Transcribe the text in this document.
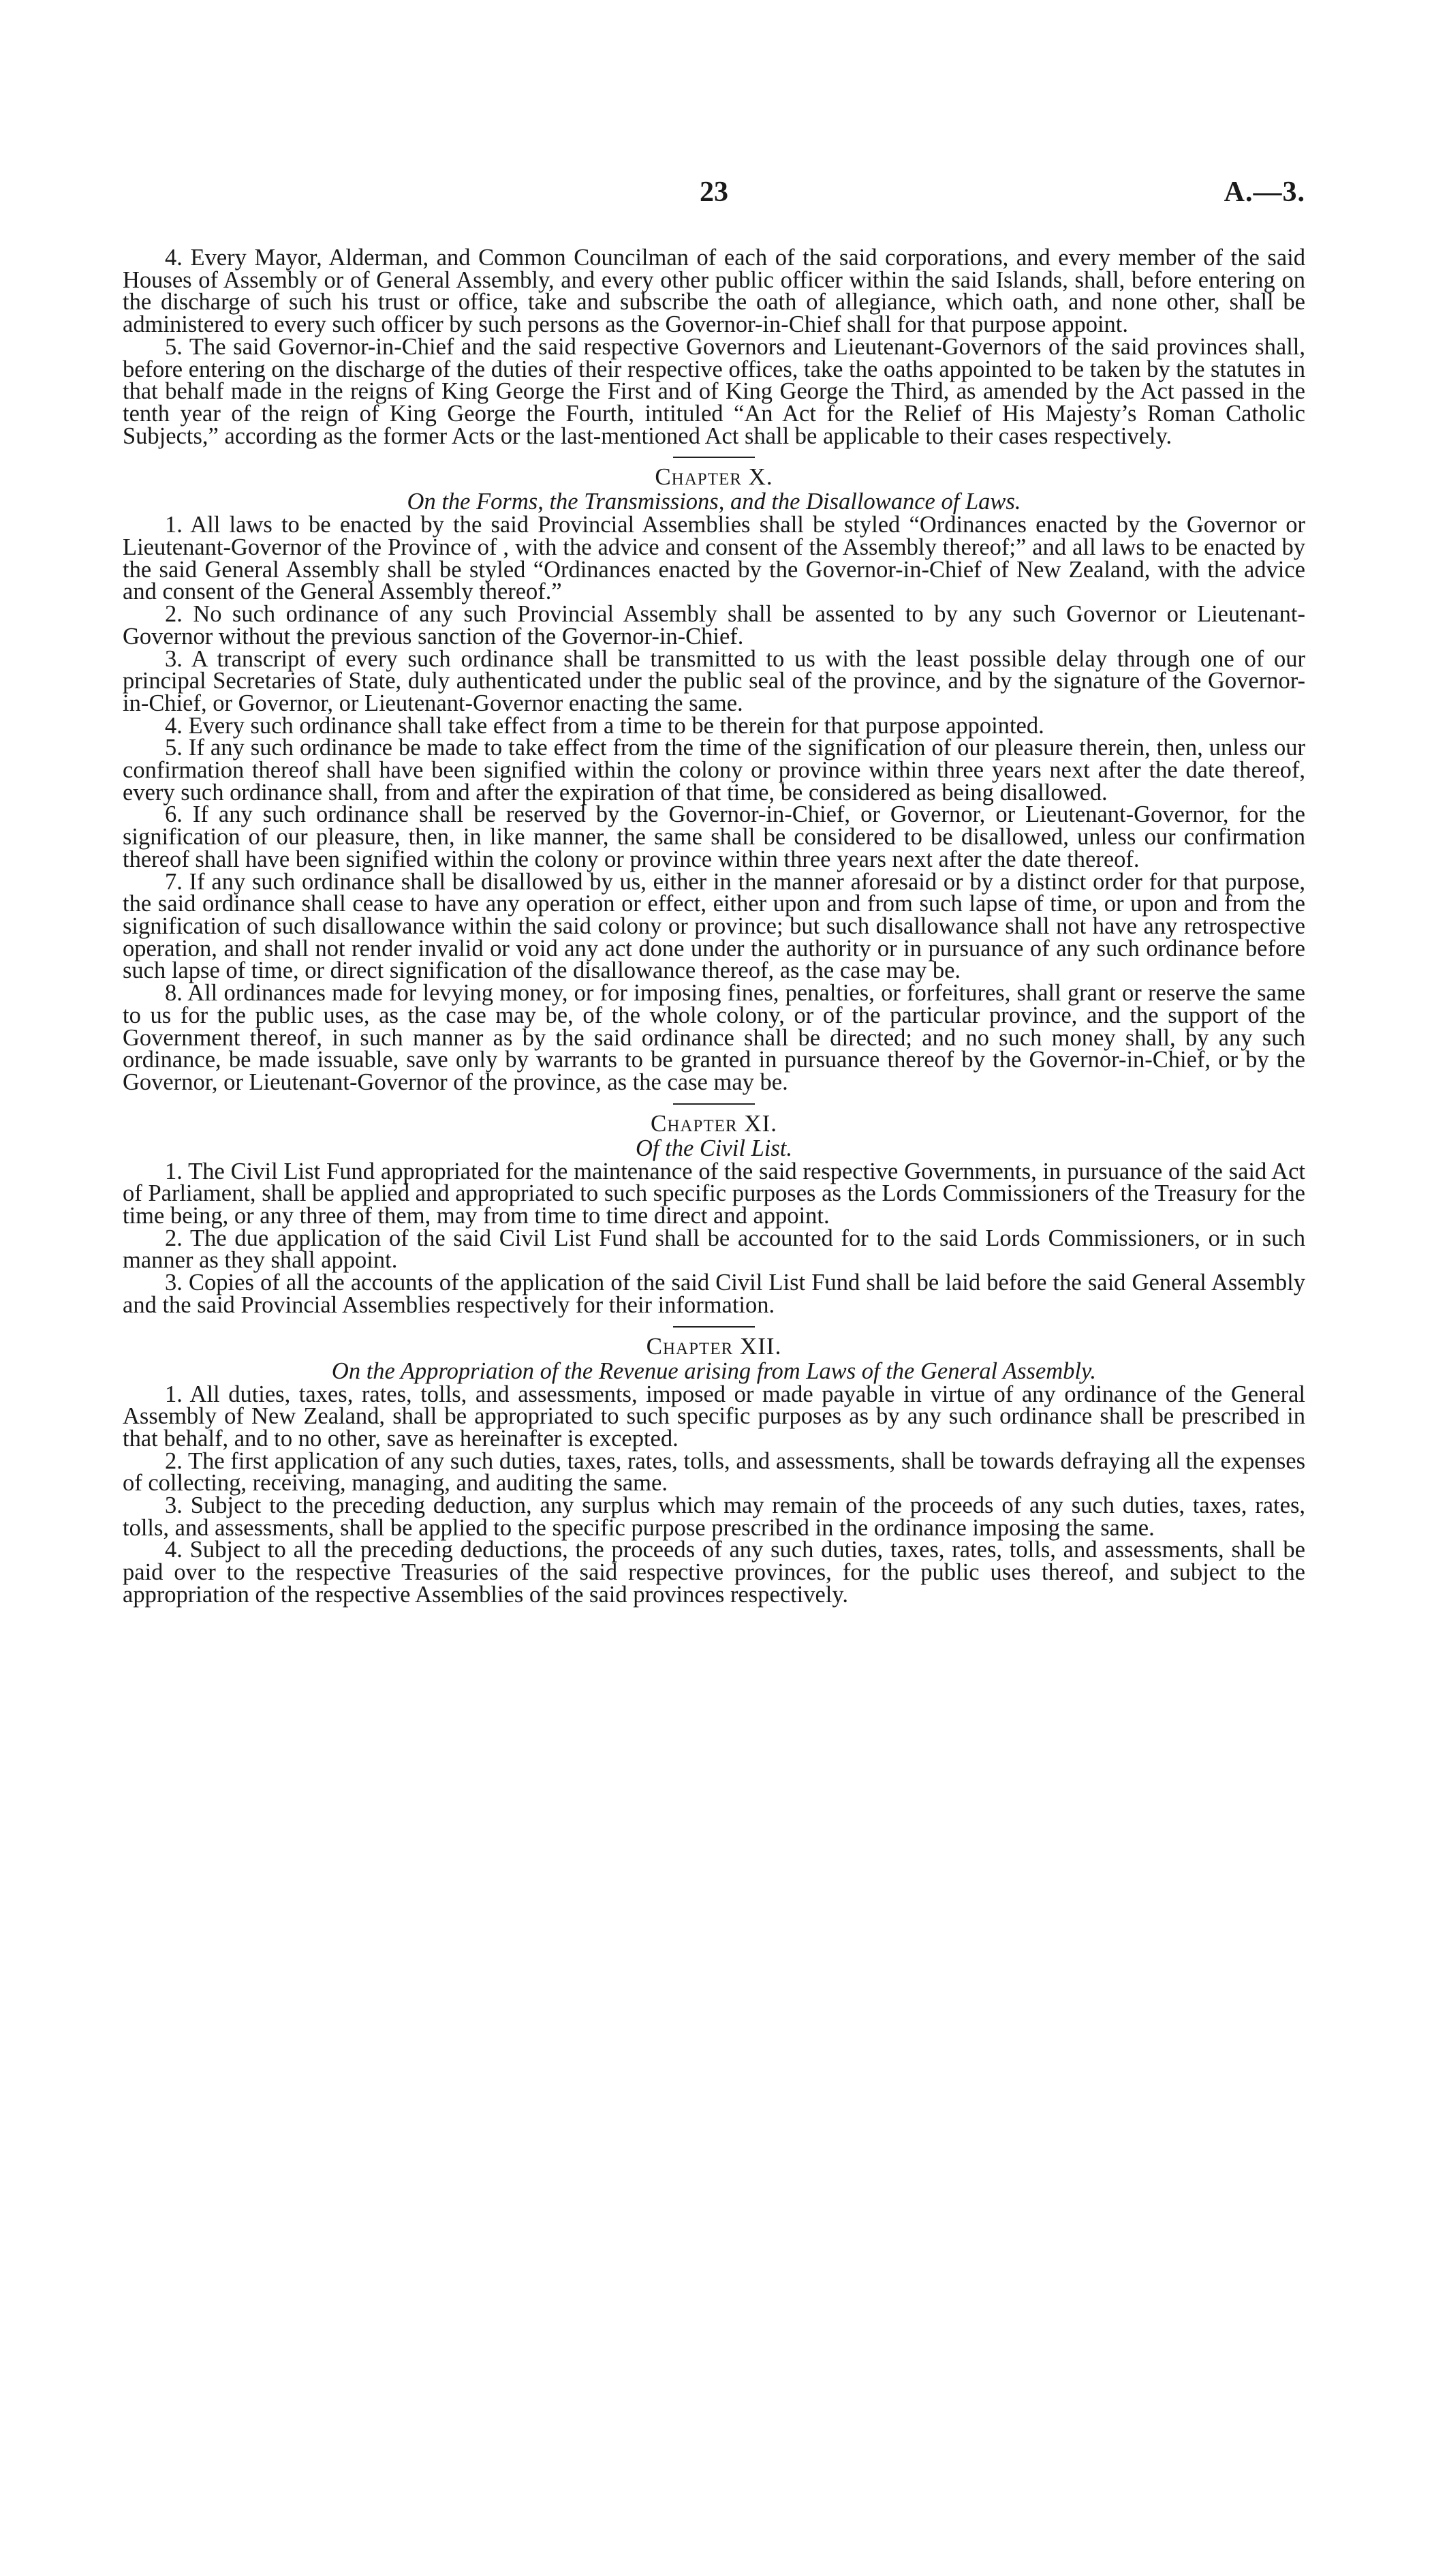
23	A.—3.

4. Every Mayor, Alderman, and Common Councilman of each of the said corporations, and every member of the said Houses of Assembly or of General Assembly, and every other public officer within the said Islands, shall, before entering on the discharge of such his trust or office, take and subscribe the oath of allegiance, which oath, and none other, shall be administered to every such officer by such persons as the Governor-in-Chief shall for that purpose appoint.

5. The said Governor-in-Chief and the said respective Governors and Lieutenant-Governors of the said provinces shall, before entering on the discharge of the duties of their respective offices, take the oaths appointed to be taken by the statutes in that behalf made in the reigns of King George the First and of King George the Third, as amended by the Act passed in the tenth year of the reign of King George the Fourth, intituled “An Act for the Relief of His Majesty’s Roman Catholic Subjects,” according as the former Acts or the last-mentioned Act shall be applicable to their cases respectively.

Chapter X.
On the Forms, the Transmissions, and the Disallowance of Laws.

1. All laws to be enacted by the said Provincial Assemblies shall be styled “Ordinances enacted by the Governor or Lieutenant-Governor of the Province of , with the advice and consent of the Assembly thereof;” and all laws to be enacted by the said General Assembly shall be styled “Ordinances enacted by the Governor-in-Chief of New Zealand, with the advice and consent of the General Assembly thereof.”

2. No such ordinance of any such Provincial Assembly shall be assented to by any such Governor or Lieutenant-Governor without the previous sanction of the Governor-in-Chief.

3. A transcript of every such ordinance shall be transmitted to us with the least possible delay through one of our principal Secretaries of State, duly authenticated under the public seal of the province, and by the signature of the Governor-in-Chief, or Governor, or Lieutenant-Governor enacting the same.

4. Every such ordinance shall take effect from a time to be therein for that purpose appointed.

5. If any such ordinance be made to take effect from the time of the signification of our pleasure therein, then, unless our confirmation thereof shall have been signified within the colony or province within three years next after the date thereof, every such ordinance shall, from and after the expiration of that time, be considered as being disallowed.

6. If any such ordinance shall be reserved by the Governor-in-Chief, or Governor, or Lieutenant-Governor, for the signification of our pleasure, then, in like manner, the same shall be considered to be disallowed, unless our confirmation thereof shall have been signified within the colony or province within three years next after the date thereof.

7. If any such ordinance shall be disallowed by us, either in the manner aforesaid or by a distinct order for that purpose, the said ordinance shall cease to have any operation or effect, either upon and from such lapse of time, or upon and from the signification of such disallowance within the said colony or province; but such disallowance shall not have any retrospective operation, and shall not render invalid or void any act done under the authority or in pursuance of any such ordinance before such lapse of time, or direct signification of the disallowance thereof, as the case may be.

8. All ordinances made for levying money, or for imposing fines, penalties, or forfeitures, shall grant or reserve the same to us for the public uses, as the case may be, of the whole colony, or of the particular province, and the support of the Government thereof, in such manner as by the said ordinance shall be directed; and no such money shall, by any such ordinance, be made issuable, save only by warrants to be granted in pursuance thereof by the Governor-in-Chief, or by the Governor, or Lieutenant-Governor of the province, as the case may be.

Chapter XI.
Of the Civil List.

1. The Civil List Fund appropriated for the maintenance of the said respective Governments, in pursuance of the said Act of Parliament, shall be applied and appropriated to such specific purposes as the Lords Commissioners of the Treasury for the time being, or any three of them, may from time to time direct and appoint.

2. The due application of the said Civil List Fund shall be accounted for to the said Lords Commissioners, or in such manner as they shall appoint.

3. Copies of all the accounts of the application of the said Civil List Fund shall be laid before the said General Assembly and the said Provincial Assemblies respectively for their information.

Chapter XII.
On the Appropriation of the Revenue arising from Laws of the General Assembly.

1. All duties, taxes, rates, tolls, and assessments, imposed or made payable in virtue of any ordinance of the General Assembly of New Zealand, shall be appropriated to such specific purposes as by any such ordinance shall be prescribed in that behalf, and to no other, save as hereinafter is excepted.

2. The first application of any such duties, taxes, rates, tolls, and assessments, shall be towards defraying all the expenses of collecting, receiving, managing, and auditing the same.

3. Subject to the preceding deduction, any surplus which may remain of the proceeds of any such duties, taxes, rates, tolls, and assessments, shall be applied to the specific purpose prescribed in the ordinance imposing the same.

4. Subject to all the preceding deductions, the proceeds of any such duties, taxes, rates, tolls, and assessments, shall be paid over to the respective Treasuries of the said respective provinces, for the public uses thereof, and subject to the appropriation of the respective Assemblies of the said provinces respectively.
